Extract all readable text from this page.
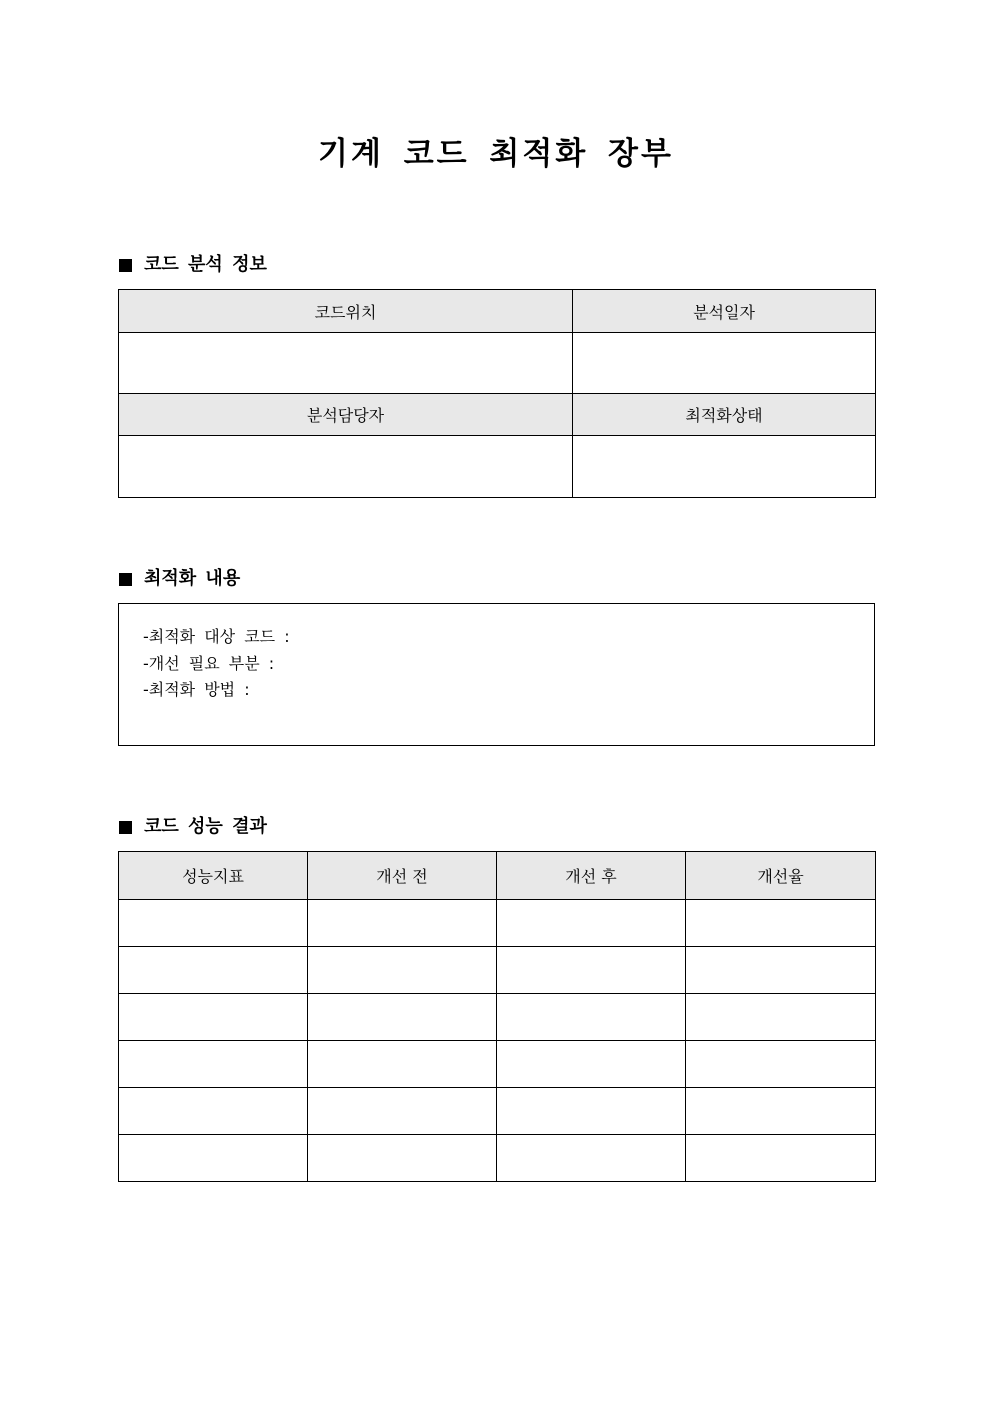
기계 코드 최적화 장부
코드 분석 정보
코드위치	분석일자

분석담당자	최적화상태

최적화 내용
-최적화 대상 코드 :
-개선 필요 부분 :
-최적화 방법 :
코드 성능 결과
성능지표	개선 전	개선 후	개선율
